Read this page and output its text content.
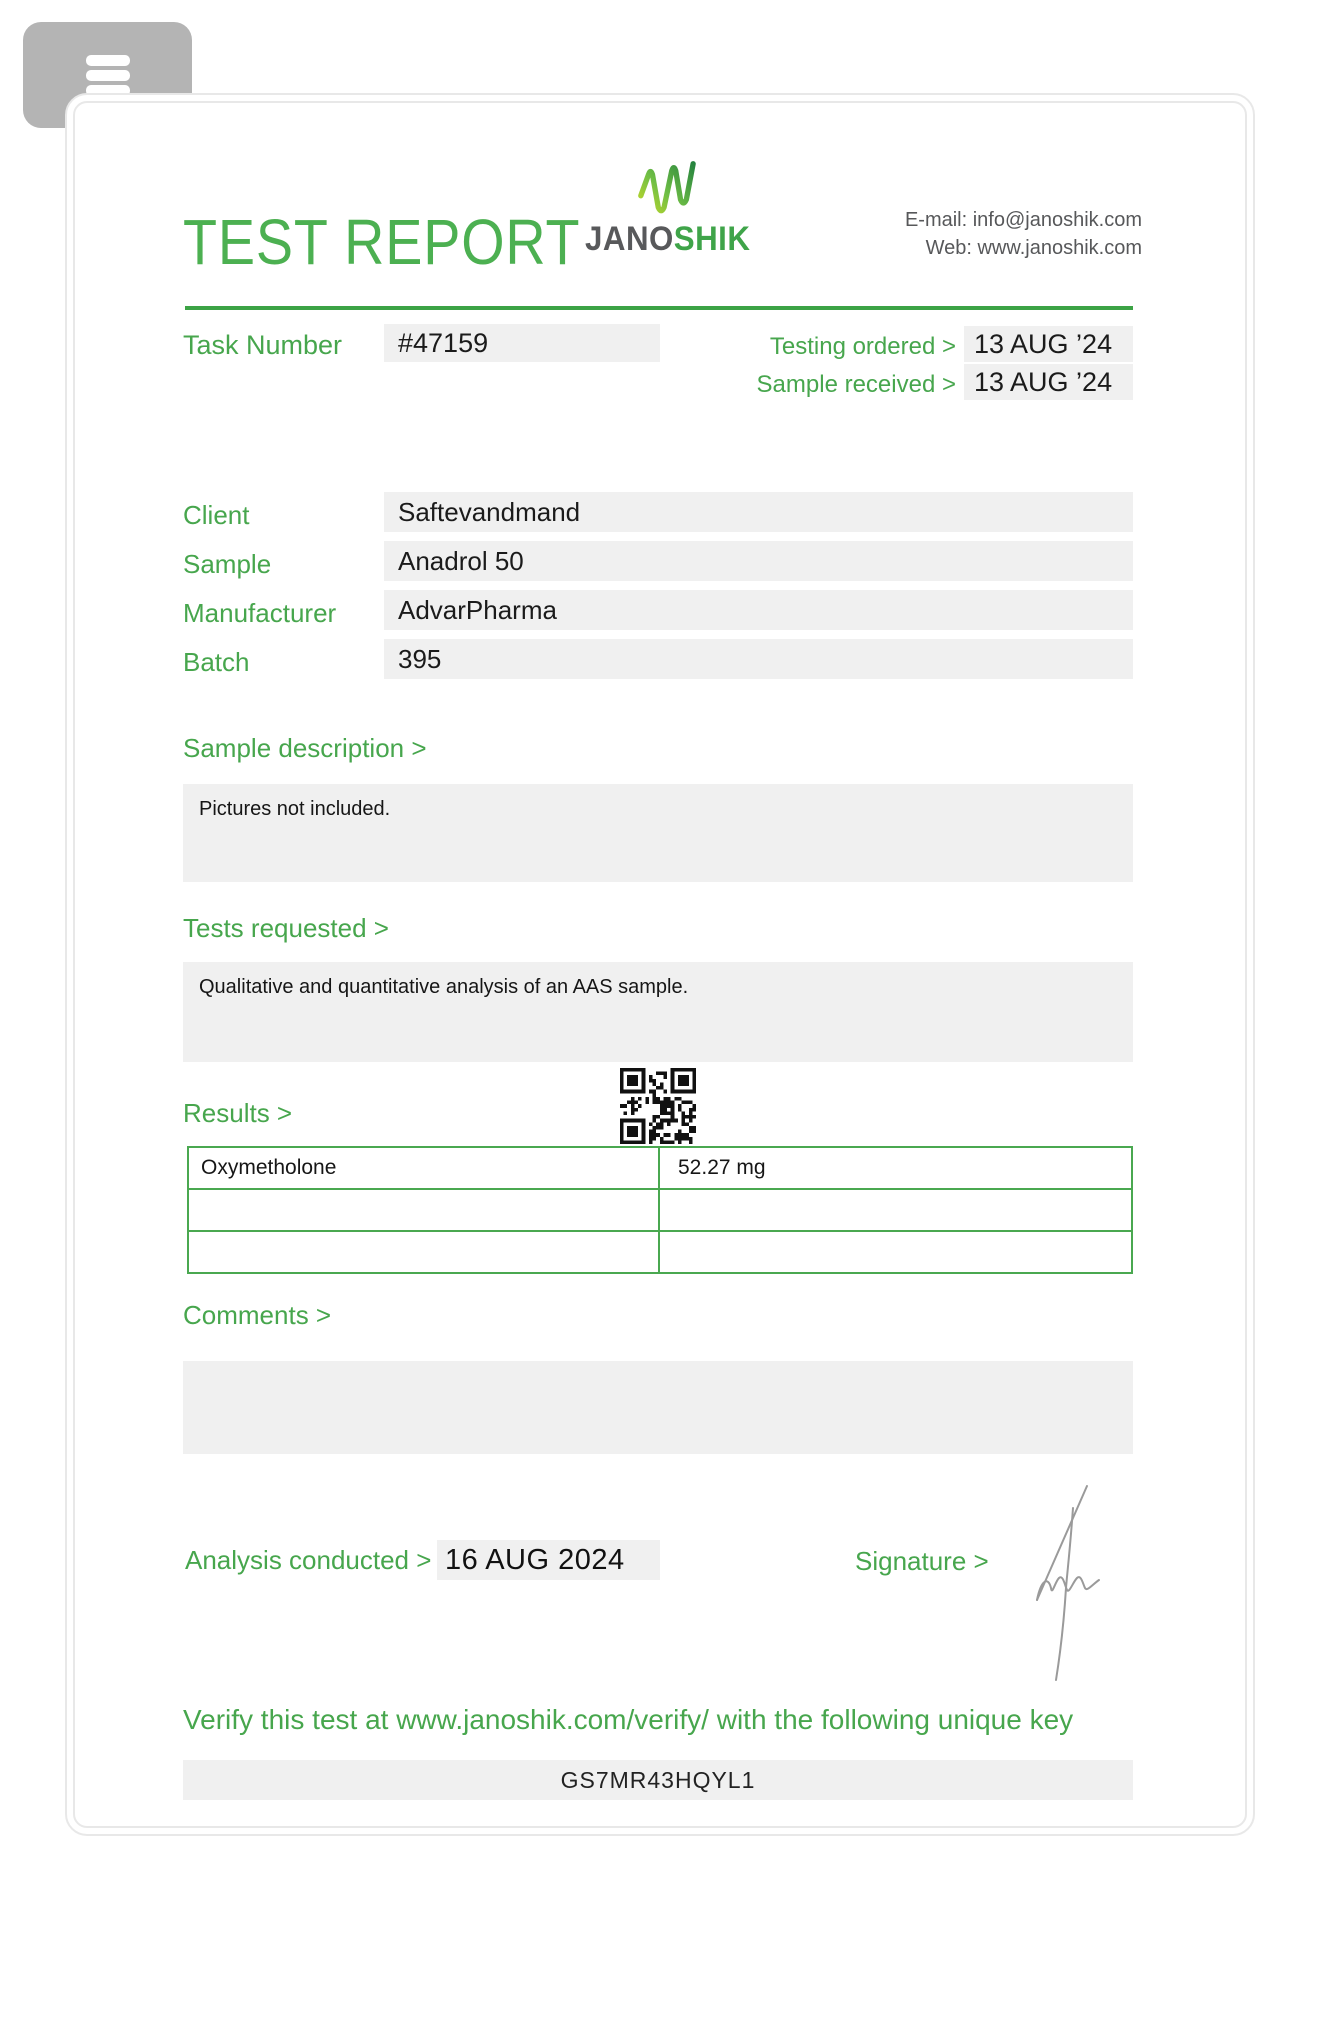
TEST REPORT JANOSHIK	E-mail: info@janoshik.com
Web: www.janoshik.com
Task Number	#47159	Testing ordered > 13 AUG ’24
Sample received > 13 AUG ’24
Client	Saftevandmand
Sample	Anadrol 50
Manufacturer	AdvarPharma
Batch	395
Sample description >
Pictures not included.
Tests requested >
Qualitative and quantitative analysis of an AAS sample.
Results >
Oxymetholone	52.27 mg
Comments >
Analysis conducted > 16 AUG 2024	Signature >
Verify this test at www.janoshik.com/verify/ with the following unique key
GS7MR43HQYL1
